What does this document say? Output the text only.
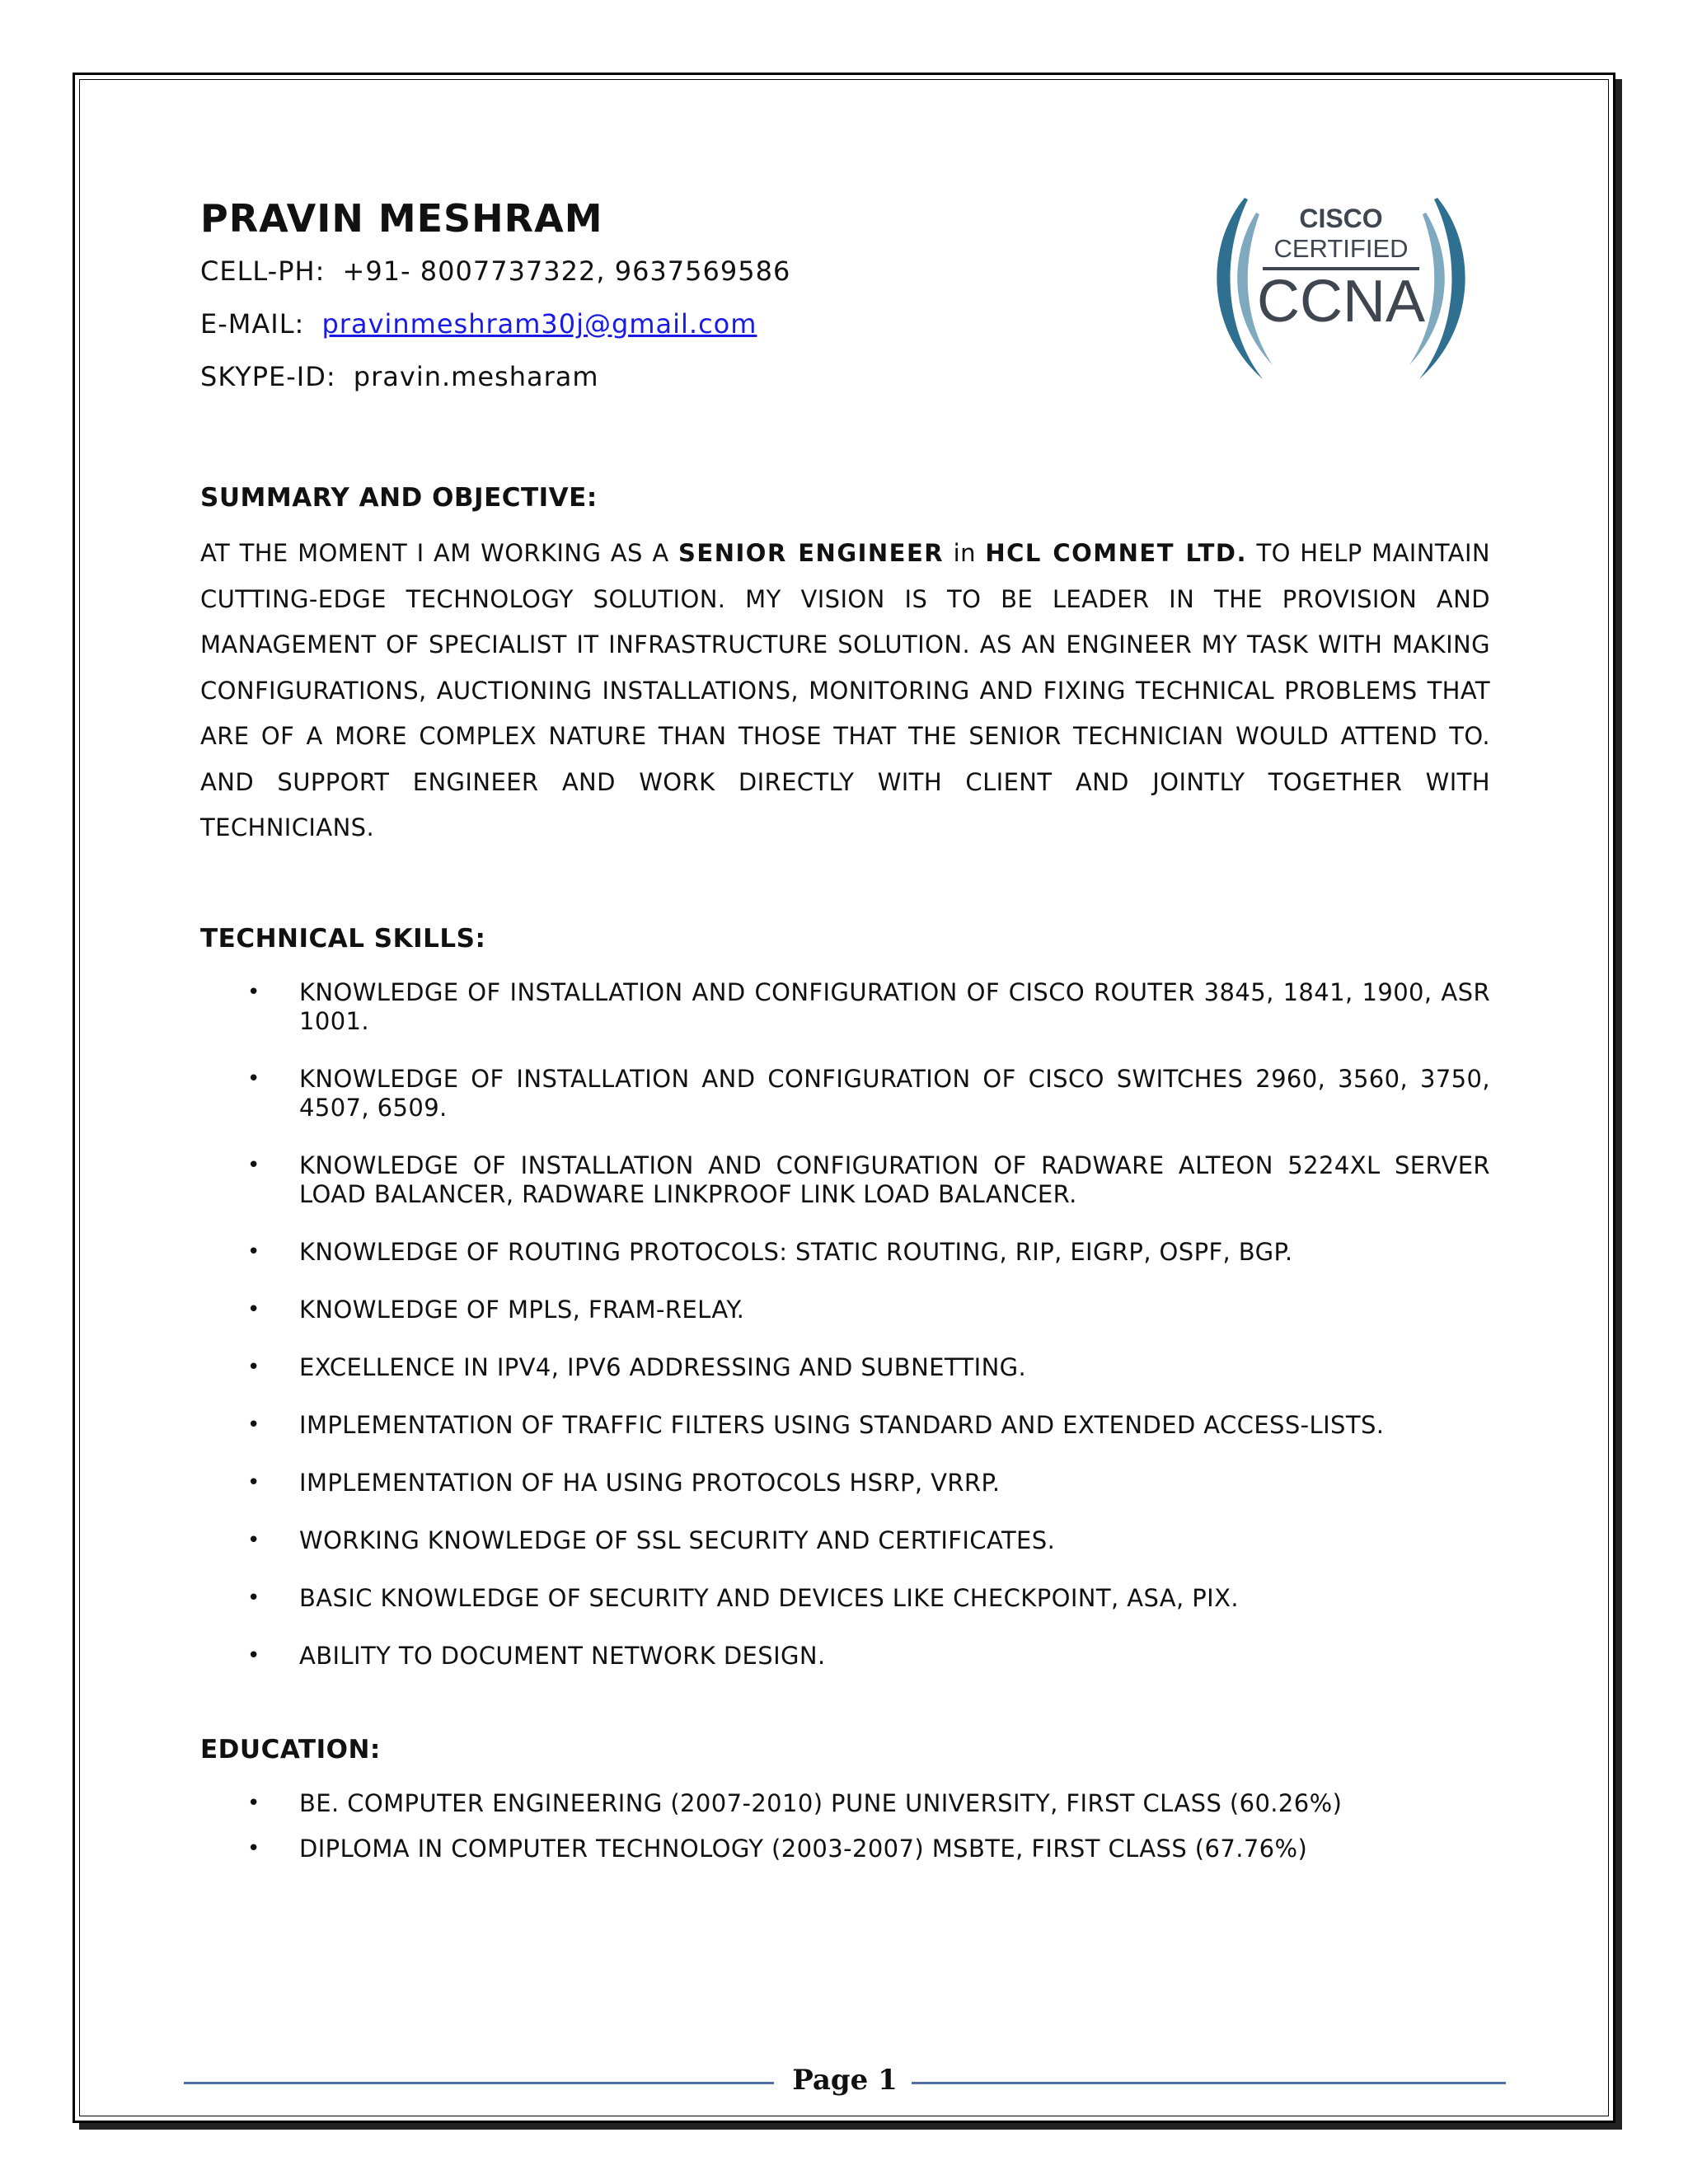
CISCO
CERTIFIED
CCNA
PRAVIN MESHRAM
CELL-PH: +91- 8007737322, 9637569586
E-MAIL: pravinmeshram30j@gmail.com
SKYPE-ID: pravin.mesharam
SUMMARY AND OBJECTIVE:

AT THE MOMENT I AM WORKING AS A SENIOR ENGINEER in HCL COMNET LTD. TO HELP MAINTAIN CUTTING-EDGE TECHNOLOGY SOLUTION. MY VISION IS TO BE LEADER IN THE PROVISION AND MANAGEMENT OF SPECIALIST IT INFRASTRUCTURE SOLUTION. AS AN ENGINEER MY TASK WITH MAKING CONFIGURATIONS, AUCTIONING INSTALLATIONS, MONITORING AND FIXING TECHNICAL PROBLEMS THAT ARE OF A MORE COMPLEX NATURE THAN THOSE THAT THE SENIOR TECHNICIAN WOULD ATTEND TO. AND SUPPORT ENGINEER AND WORK DIRECTLY WITH CLIENT AND JOINTLY TOGETHER WITH TECHNICIANS.

TECHNICAL SKILLS:
• KNOWLEDGE OF INSTALLATION AND CONFIGURATION OF CISCO ROUTER 3845, 1841, 1900, ASR 1001.
• KNOWLEDGE OF INSTALLATION AND CONFIGURATION OF CISCO SWITCHES 2960, 3560, 3750, 4507, 6509.
• KNOWLEDGE OF INSTALLATION AND CONFIGURATION OF RADWARE ALTEON 5224XL SERVER LOAD BALANCER, RADWARE LINKPROOF LINK LOAD BALANCER.
• KNOWLEDGE OF ROUTING PROTOCOLS: STATIC ROUTING, RIP, EIGRP, OSPF, BGP.
• KNOWLEDGE OF MPLS, FRAM-RELAY.
• EXCELLENCE IN IPV4, IPV6 ADDRESSING AND SUBNETTING.
• IMPLEMENTATION OF TRAFFIC FILTERS USING STANDARD AND EXTENDED ACCESS-LISTS.
• IMPLEMENTATION OF HA USING PROTOCOLS HSRP, VRRP.
• WORKING KNOWLEDGE OF SSL SECURITY AND CERTIFICATES.
• BASIC KNOWLEDGE OF SECURITY AND DEVICES LIKE CHECKPOINT, ASA, PIX.
• ABILITY TO DOCUMENT NETWORK DESIGN.
EDUCATION:
• BE. COMPUTER ENGINEERING (2007-2010) PUNE UNIVERSITY, FIRST CLASS (60.26%)
• DIPLOMA IN COMPUTER TECHNOLOGY (2003-2007) MSBTE, FIRST CLASS (67.76%)
Page 1
